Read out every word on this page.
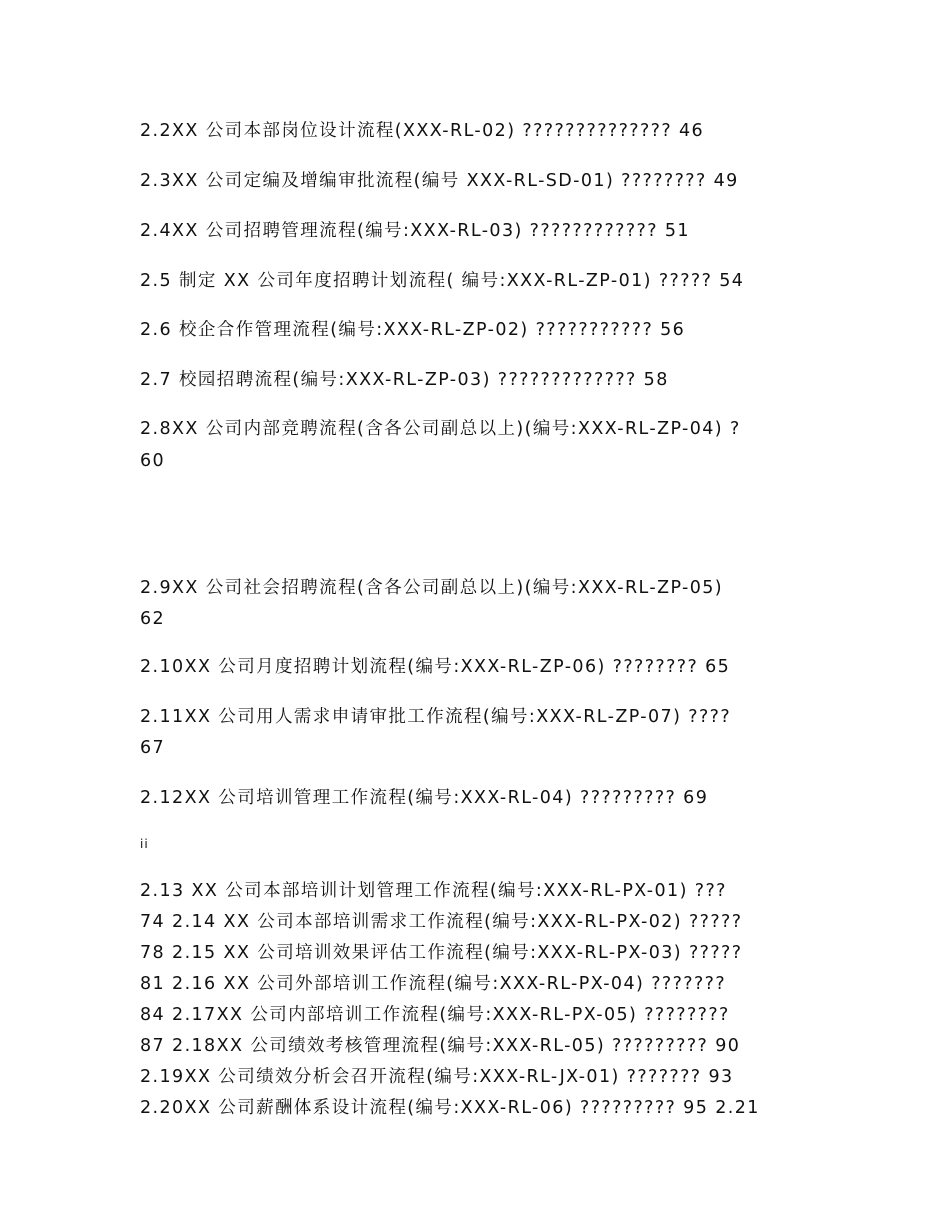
2.2XX 公司本部岗位设计流程(XXX-RL-02) ?????????????? 46
2.3XX 公司定编及增编审批流程(编号 XXX-RL-SD-01) ???????? 49
2.4XX 公司招聘管理流程(编号:XXX-RL-03) ???????????? 51
2.5 制定 XX 公司年度招聘计划流程( 编号:XXX-RL-ZP-01) ????? 54
2.6 校企合作管理流程(编号:XXX-RL-ZP-02) ??????????? 56
2.7 校园招聘流程(编号:XXX-RL-ZP-03) ????????????? 58
2.8XX 公司内部竞聘流程(含各公司副总以上)(编号:XXX-RL-ZP-04) ?
60
2.9XX 公司社会招聘流程(含各公司副总以上)(编号:XXX-RL-ZP-05)
62
2.10XX 公司月度招聘计划流程(编号:XXX-RL-ZP-06) ???????? 65
2.11XX 公司用人需求申请审批工作流程(编号:XXX-RL-ZP-07) ????
67
2.12XX 公司培训管理工作流程(编号:XXX-RL-04) ????????? 69
ii
2.13 XX 公司本部培训计划管理工作流程(编号:XXX-RL-PX-01) ???
74 2.14 XX 公司本部培训需求工作流程(编号:XXX-RL-PX-02) ?????
78 2.15 XX 公司培训效果评估工作流程(编号:XXX-RL-PX-03) ?????
81 2.16 XX 公司外部培训工作流程(编号:XXX-RL-PX-04) ???????
84 2.17XX 公司内部培训工作流程(编号:XXX-RL-PX-05) ????????
87 2.18XX 公司绩效考核管理流程(编号:XXX-RL-05) ????????? 90
2.19XX 公司绩效分析会召开流程(编号:XXX-RL-JX-01) ??????? 93
2.20XX 公司薪酬体系设计流程(编号:XXX-RL-06) ????????? 95 2.21
